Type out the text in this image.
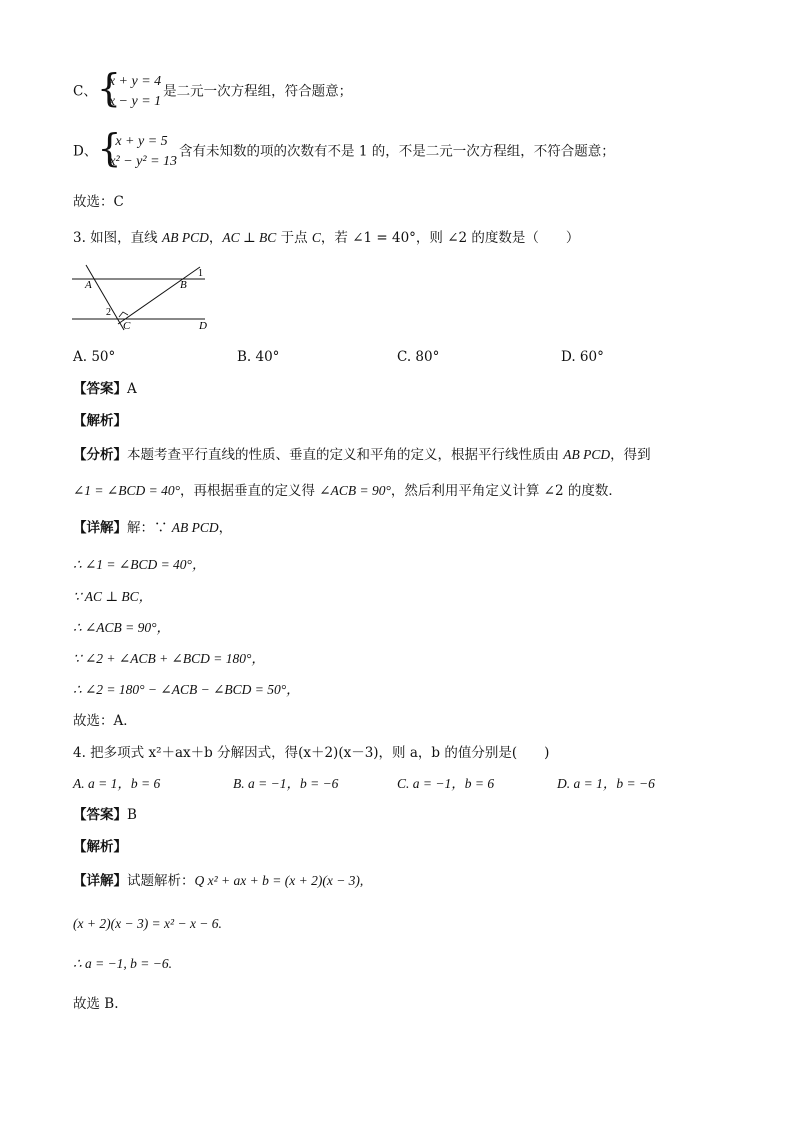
C、 {
x + y = 4
x − y = 1
是二元一次方程组，符合题意；
D、 {
x + y = 5
x² − y² = 13
含有未知数的项的次数有不是 1 的，不是二元一次方程组，不符合题意；
故选：C
3. 如图，直线 AB PCD，AC ⊥ BC 于点 C，若 ∠1 = 40°，则 ∠2 的度数是（　　）
A	B
C	D
1
2
A. 50°	B. 40°	C. 80°	D. 60°
【答案】A
【解析】
【分析】本题考查平行直线的性质、垂直的定义和平角的定义，根据平行线性质由 AB PCD，得到
∠1 = ∠BCD = 40°，再根据垂直的定义得 ∠ACB = 90°，然后利用平角定义计算 ∠2 的度数．
【详解】解：∵ AB PCD，
∴ ∠1 = ∠BCD = 40°，
∵ AC ⊥ BC，
∴ ∠ACB = 90°，
∵ ∠2 + ∠ACB + ∠BCD = 180°，
∴ ∠2 = 180° − ∠ACB − ∠BCD = 50°，
故选：A．
4. 把多项式 x²＋ax＋b 分解因式，得(x＋2)(x－3)，则 a，b 的值分别是(　　)
A. a = 1，b = 6	B. a = −1，b = −6	C. a = −1，b = 6	D. a = 1，b = −6
【答案】B
【解析】
【详解】试题解析：Q x² + ax + b = (x + 2)(x − 3),
(x + 2)(x − 3) = x² − x − 6.
∴ a = −1, b = −6.
故选 B.
